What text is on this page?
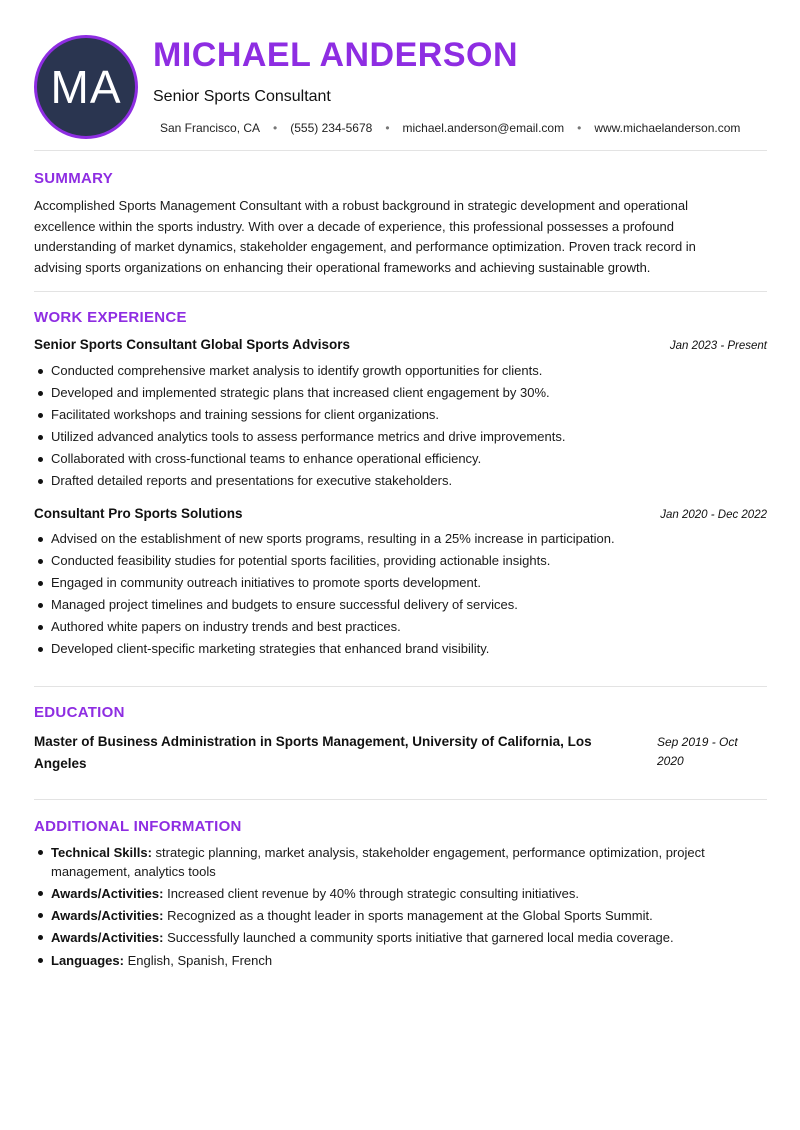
MA
MICHAEL ANDERSON
Senior Sports Consultant
San Francisco, CA • (555) 234-5678 • michael.anderson@email.com • www.michaelanderson.com
SUMMARY

Accomplished Sports Management Consultant with a robust background in strategic development and operational excellence within the sports industry. With over a decade of experience, this professional possesses a profound understanding of market dynamics, stakeholder engagement, and performance optimization. Proven track record in advising sports organizations on enhancing their operational frameworks and achieving sustainable growth.

WORK EXPERIENCE
Senior Sports Consultant Global Sports Advisors	Jan 2023 - Present
Conducted comprehensive market analysis to identify growth opportunities for clients.
Developed and implemented strategic plans that increased client engagement by 30%.
Facilitated workshops and training sessions for client organizations.
Utilized advanced analytics tools to assess performance metrics and drive improvements.
Collaborated with cross-functional teams to enhance operational efficiency.
Drafted detailed reports and presentations for executive stakeholders.
Consultant Pro Sports Solutions	Jan 2020 - Dec 2022
Advised on the establishment of new sports programs, resulting in a 25% increase in participation.
Conducted feasibility studies for potential sports facilities, providing actionable insights.
Engaged in community outreach initiatives to promote sports development.
Managed project timelines and budgets to ensure successful delivery of services.
Authored white papers on industry trends and best practices.
Developed client-specific marketing strategies that enhanced brand visibility.
EDUCATION
Master of Business Administration in Sports Management, University of California, Los Angeles
Sep 2019 - Oct 2020
ADDITIONAL INFORMATION
Technical Skills: strategic planning, market analysis, stakeholder engagement, performance optimization, project management, analytics tools
Awards/Activities: Increased client revenue by 40% through strategic consulting initiatives.
Awards/Activities: Recognized as a thought leader in sports management at the Global Sports Summit.
Awards/Activities: Successfully launched a community sports initiative that garnered local media coverage.
Languages: English, Spanish, French
